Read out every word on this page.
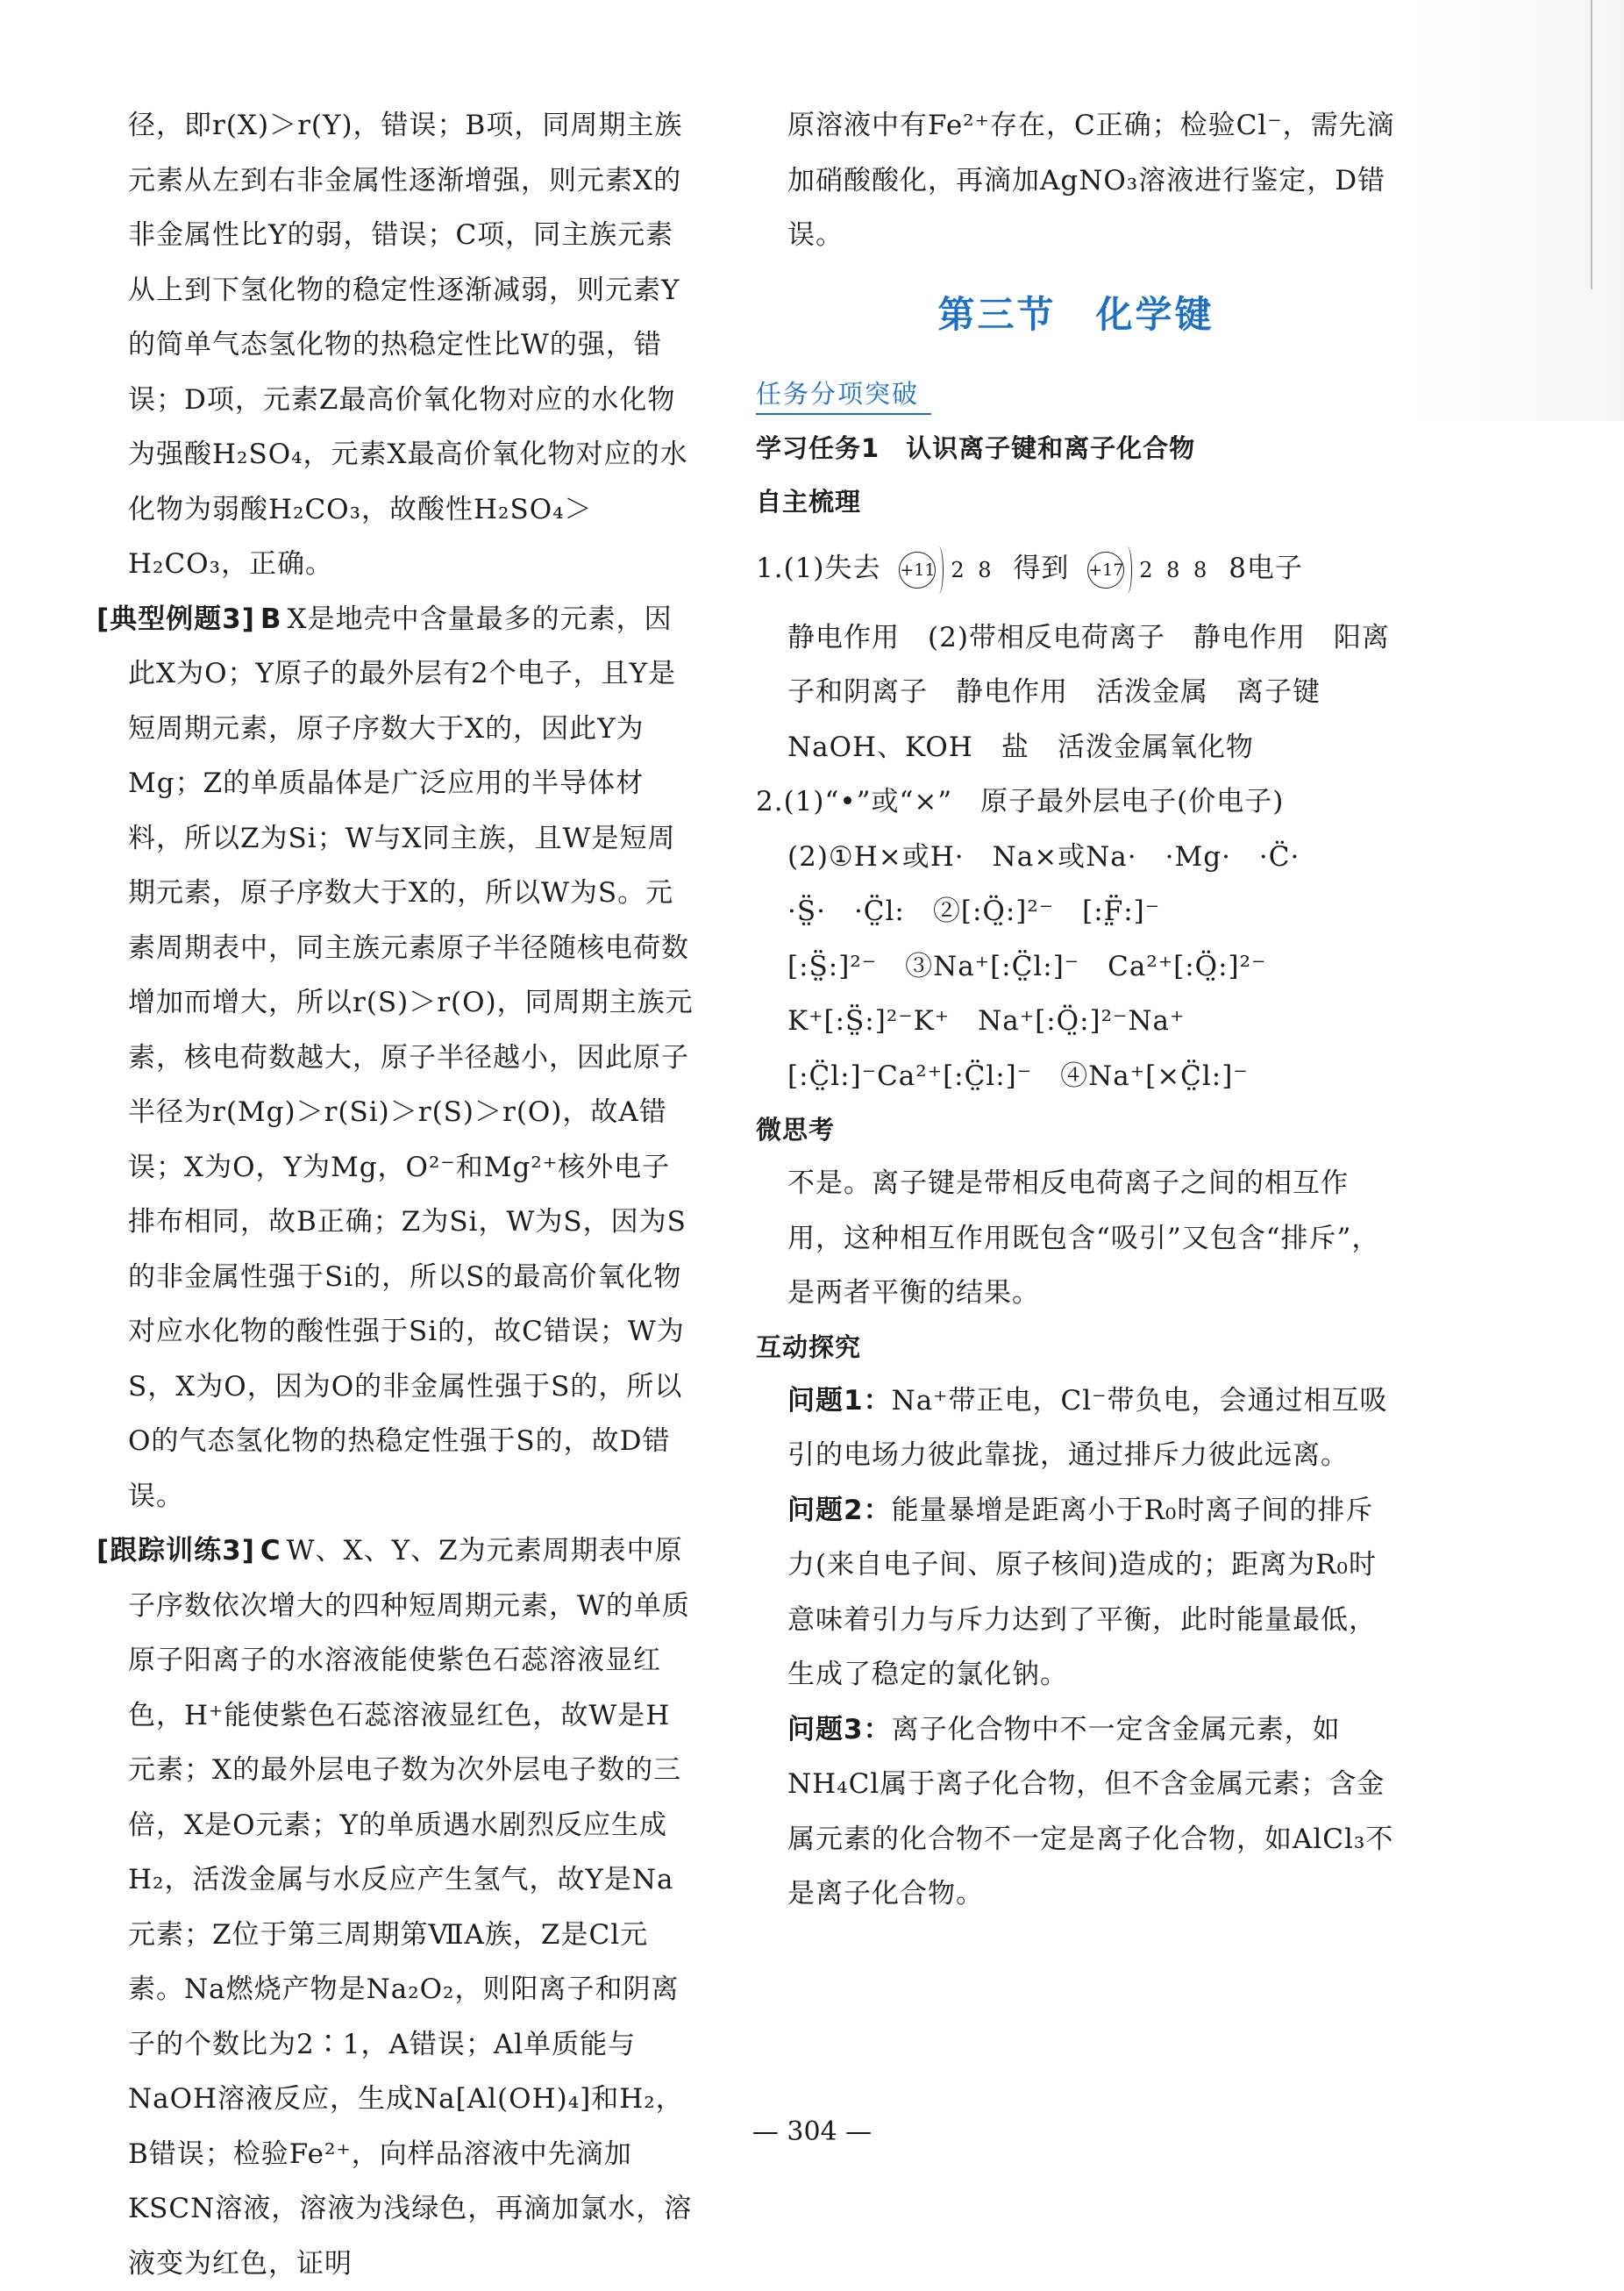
径，即r(X)＞r(Y)，错误；B项，同周期主族元素从左到右非金属性逐渐增强，则元素X的非金属性比Y的弱，错误；C项，同主族元素从上到下氢化物的稳定性逐渐减弱，则元素Y的简单气态氢化物的热稳定性比W的强，错误；D项，元素Z最高价氧化物对应的水化物为强酸H₂SO₄，元素X最高价氧化物对应的水化物为弱酸H₂CO₃，故酸性H₂SO₄＞H₂CO₃，正确。

[典型例题3] B X是地壳中含量最多的元素，因此X为O；Y原子的最外层有2个电子，且Y是短周期元素，原子序数大于X的，因此Y为Mg；Z的单质晶体是广泛应用的半导体材料，所以Z为Si；W与X同主族，且W是短周期元素，原子序数大于X的，所以W为S。元素周期表中，同主族元素原子半径随核电荷数增加而增大，所以r(S)＞r(O)，同周期主族元素，核电荷数越大，原子半径越小，因此原子半径为r(Mg)＞r(Si)＞r(S)＞r(O)，故A错误；X为O，Y为Mg，O²⁻和Mg²⁺核外电子排布相同，故B正确；Z为Si，W为S，因为S的非金属性强于Si的，所以S的最高价氧化物对应水化物的酸性强于Si的，故C错误；W为S，X为O，因为O的非金属性强于S的，所以O的气态氢化物的热稳定性强于S的，故D错误。

[跟踪训练3] C W、X、Y、Z为元素周期表中原子序数依次增大的四种短周期元素，W的单质原子阳离子的水溶液能使紫色石蕊溶液显红色，H⁺能使紫色石蕊溶液显红色，故W是H元素；X的最外层电子数为次外层电子数的三倍，X是O元素；Y的单质遇水剧烈反应生成H₂，活泼金属与水反应产生氢气，故Y是Na元素；Z位于第三周期第ⅦA族，Z是Cl元素。Na燃烧产物是Na₂O₂，则阳离子和阴离子的个数比为2∶1，A错误；Al单质能与NaOH溶液反应，生成Na[Al(OH)₄]和H₂，B错误；检验Fe²⁺，向样品溶液中先滴加KSCN溶液，溶液为浅绿色，再滴加氯水，溶液变为红色，证明

原溶液中有Fe²⁺存在，C正确；检验Cl⁻，需先滴加硝酸酸化，再滴加AgNO₃溶液进行鉴定，D错误。

第三节　化学键
任务分项突破
学习任务1　认识离子键和离子化合物
自主梳理

1.(1)失去 +11 2 8 得到 +17 2 8 8 8电子

静电作用　(2)带相反电荷离子　静电作用　阳离子和阴离子　静电作用　活泼金属　离子键　NaOH、KOH　盐　活泼金属氧化物

2.(1)“•”或“×”　原子最外层电子(价电子)

(2)①H×或H·　Na×或Na·　·Mg·　·C̈·

·S̤̈·　·C̤̈l:　②[:Ö̤:]²⁻　[:F̤̈:]⁻

[:S̤̈:]²⁻　③Na⁺[:C̤̈l:]⁻　Ca²⁺[:Ö̤:]²⁻

K⁺[:S̤̈:]²⁻K⁺　Na⁺[:Ö̤:]²⁻Na⁺

[:C̤̈l:]⁻Ca²⁺[:C̤̈l:]⁻　④Na⁺[×C̤̈l:]⁻

微思考

不是。离子键是带相反电荷离子之间的相互作用，这种相互作用既包含“吸引”又包含“排斥”，是两者平衡的结果。

互动探究

问题1：Na⁺带正电，Cl⁻带负电，会通过相互吸引的电场力彼此靠拢，通过排斥力彼此远离。

问题2：能量暴增是距离小于R₀时离子间的排斥力(来自电子间、原子核间)造成的；距离为R₀时意味着引力与斥力达到了平衡，此时能量最低，生成了稳定的氯化钠。

问题3：离子化合物中不一定含金属元素，如NH₄Cl属于离子化合物，但不含金属元素；含金属元素的化合物不一定是离子化合物，如AlCl₃不是离子化合物。

— 304 —
